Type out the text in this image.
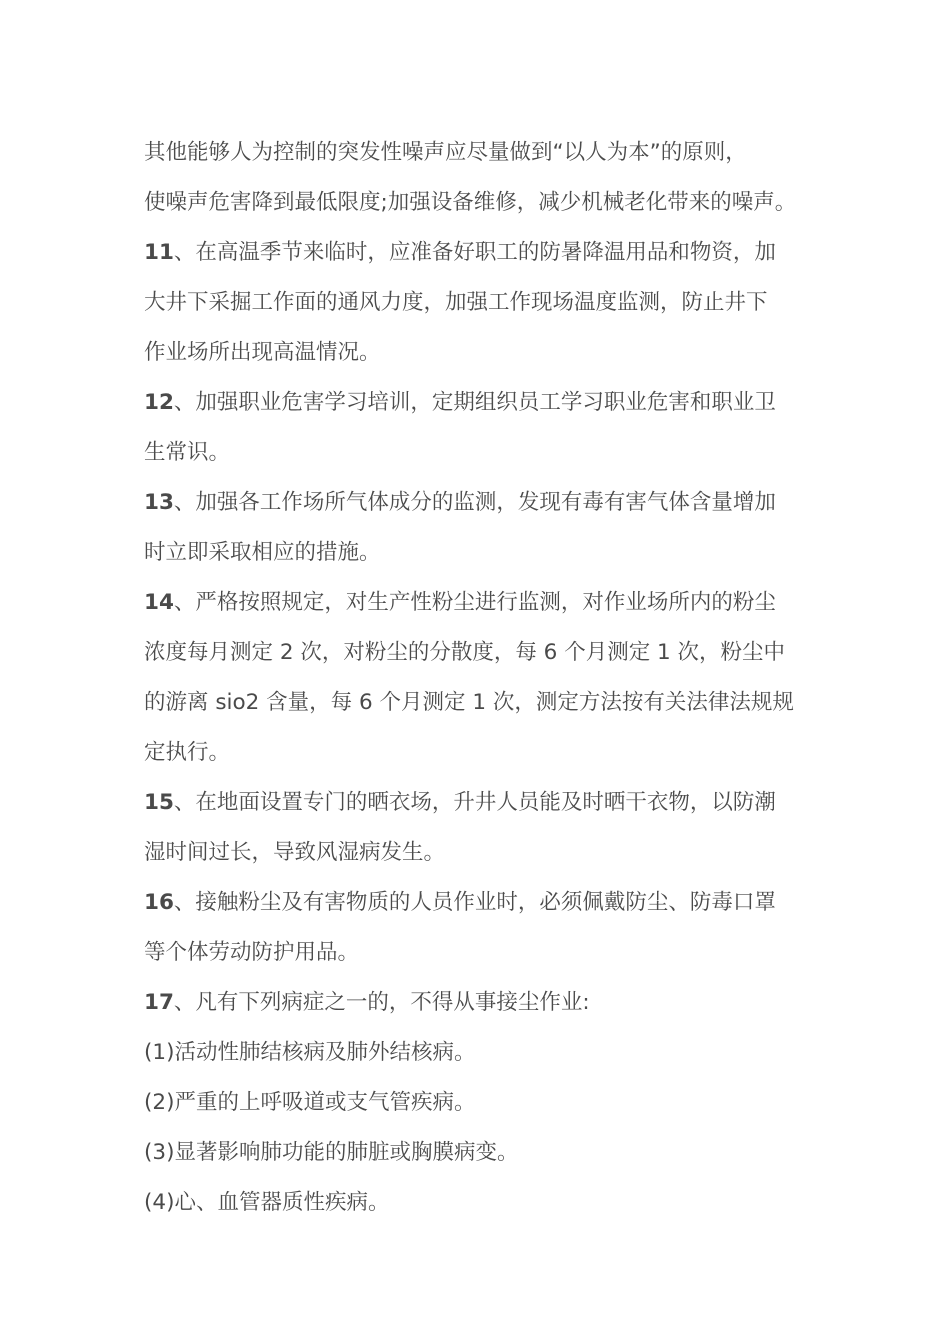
其他能够人为控制的突发性噪声应尽量做到“以人为本”的原则，
使噪声危害降到最低限度;加强设备维修，减少机械老化带来的噪声。
11、在高温季节来临时，应准备好职工的防暑降温用品和物资，加
大井下采掘工作面的通风力度，加强工作现场温度监测，防止井下
作业场所出现高温情况。
12、加强职业危害学习培训，定期组织员工学习职业危害和职业卫
生常识。
13、加强各工作场所气体成分的监测，发现有毒有害气体含量增加
时立即采取相应的措施。
14、严格按照规定，对生产性粉尘进行监测，对作业场所内的粉尘
浓度每月测定 2 次，对粉尘的分散度，每 6 个月测定 1 次，粉尘中
的游离 sio2 含量，每 6 个月测定 1 次，测定方法按有关法律法规规
定执行。
15、在地面设置专门的晒衣场，升井人员能及时晒干衣物，以防潮
湿时间过长，导致风湿病发生。
16、接触粉尘及有害物质的人员作业时，必须佩戴防尘、防毒口罩
等个体劳动防护用品。
17、凡有下列病症之一的，不得从事接尘作业:
(1)活动性肺结核病及肺外结核病。
(2)严重的上呼吸道或支气管疾病。
(3)显著影响肺功能的肺脏或胸膜病变。
(4)心、血管器质性疾病。
